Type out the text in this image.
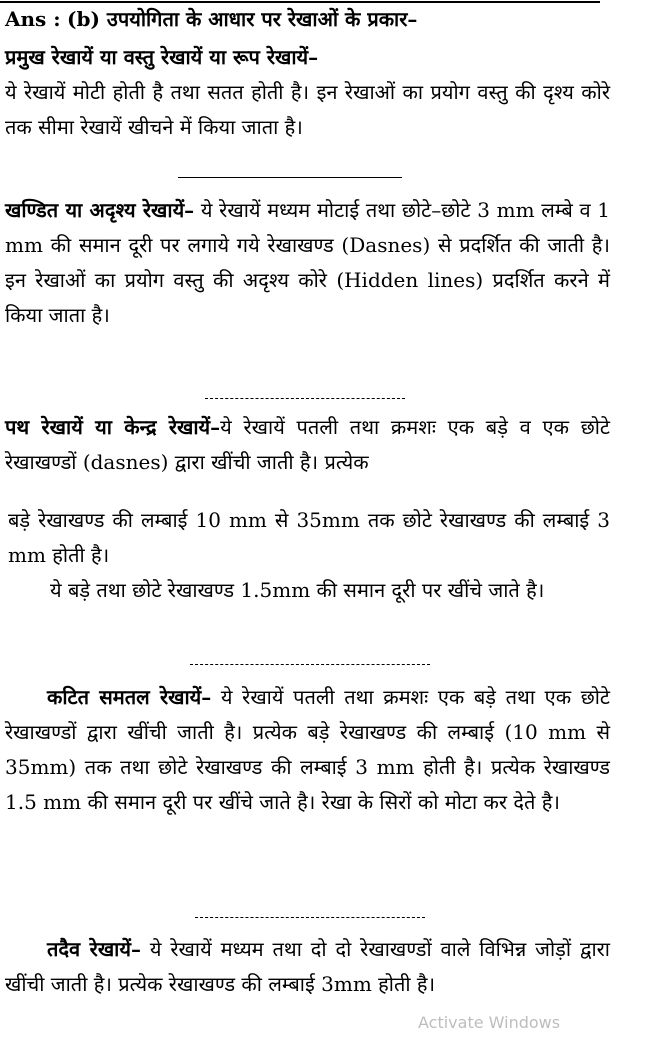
Ans : (b) उपयोगिता के आधार पर रेखाओं के प्रकार–

प्रमुख रेखायें या वस्तु रेखायें या रूप रेखायें–
ये रेखायें मोटी होती है तथा सतत होती है। इन रेखाओं का प्रयोग वस्तु की दृश्य कोरे तक सीमा रेखायें खीचने में किया जाता है।

खण्डित या अदृश्य रेखायें– ये रेखायें मध्यम मोटाई तथा छोटे–छोटे 3 mm लम्बे व 1 mm की समान दूरी पर लगाये गये रेखाखण्ड (Dasnes) से प्रदर्शित की जाती है। इन रेखाओं का प्रयोग वस्तु की अदृश्य कोरे (Hidden lines) प्रदर्शित करने में किया जाता है।

पथ रेखायें या केन्द्र रेखायें–ये रेखायें पतली तथा क्रमशः एक बड़े व एक छोटे रेखाखण्डों (dasnes) द्वारा खींची जाती है। प्रत्येक

बड़े रेखाखण्ड की लम्बाई 10 mm से 35mm तक छोटे रेखाखण्ड की लम्बाई 3 mm होती है।
ये बड़े तथा छोटे रेखाखण्ड 1.5mm की समान दूरी पर खींचे जाते है।

कटित समतल रेखायें– ये रेखायें पतली तथा क्रमशः एक बड़े तथा एक छोटे रेखाखण्डों द्वारा खींची जाती है। प्रत्येक बड़े रेखाखण्ड की लम्बाई (10 mm से 35mm) तक तथा छोटे रेखाखण्ड की लम्बाई 3 mm होती है। प्रत्येक रेखाखण्ड 1.5 mm की समान दूरी पर खींचे जाते है। रेखा के सिरों को मोटा कर देते है।

तदैव रेखायें– ये रेखायें मध्यम तथा दो दो रेखाखण्डों वाले विभिन्न जोड़ों द्वारा खींची जाती है। प्रत्येक रेखाखण्ड की लम्बाई 3mm होती है।

Activate Windows
